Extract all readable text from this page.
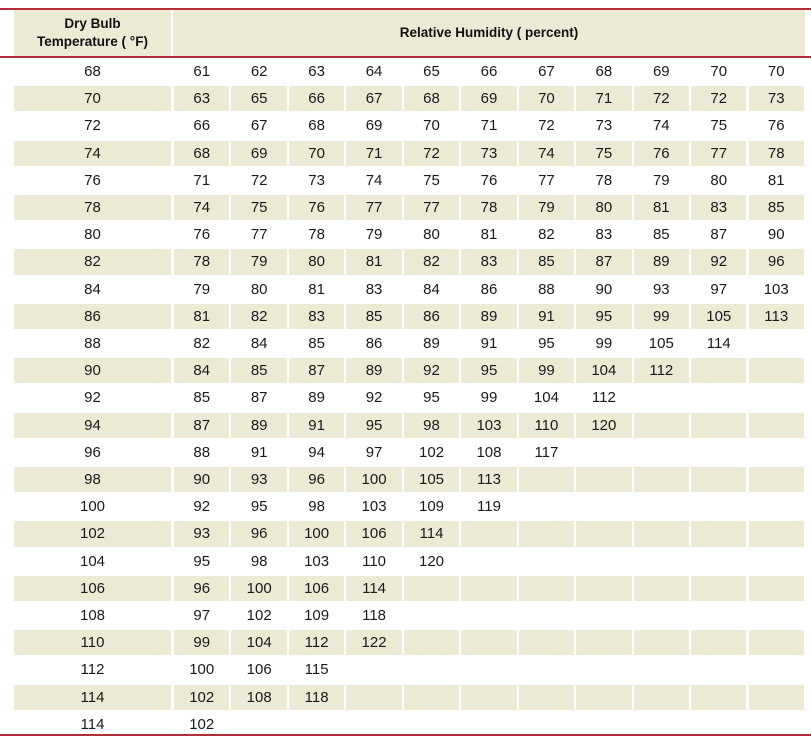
Dry Bulb
Temperature ( °F)
Relative Humidity ( percent)
68	61	62	63	64	65	66	67	68	69	70	70
70	63	65	66	67	68	69	70	71	72	72	73
72	66	67	68	69	70	71	72	73	74	75	76
74	68	69	70	71	72	73	74	75	76	77	78
76	71	72	73	74	75	76	77	78	79	80	81
78	74	75	76	77	77	78	79	80	81	83	85
80	76	77	78	79	80	81	82	83	85	87	90
82	78	79	80	81	82	83	85	87	89	92	96
84	79	80	81	83	84	86	88	90	93	97	103
86	81	82	83	85	86	89	91	95	99	105	113
88	82	84	85	86	89	91	95	99	105	114
90	84	85	87	89	92	95	99	104	112
92	85	87	89	92	95	99	104	112
94	87	89	91	95	98	103	110	120
96	88	91	94	97	102	108	117
98	90	93	96	100	105	113
100	92	95	98	103	109	119
102	93	96	100	106	114
104	95	98	103	110	120
106	96	100	106	114
108	97	102	109	118
110	99	104	112	122
112	100	106	115
114	102	108	118
114	102
